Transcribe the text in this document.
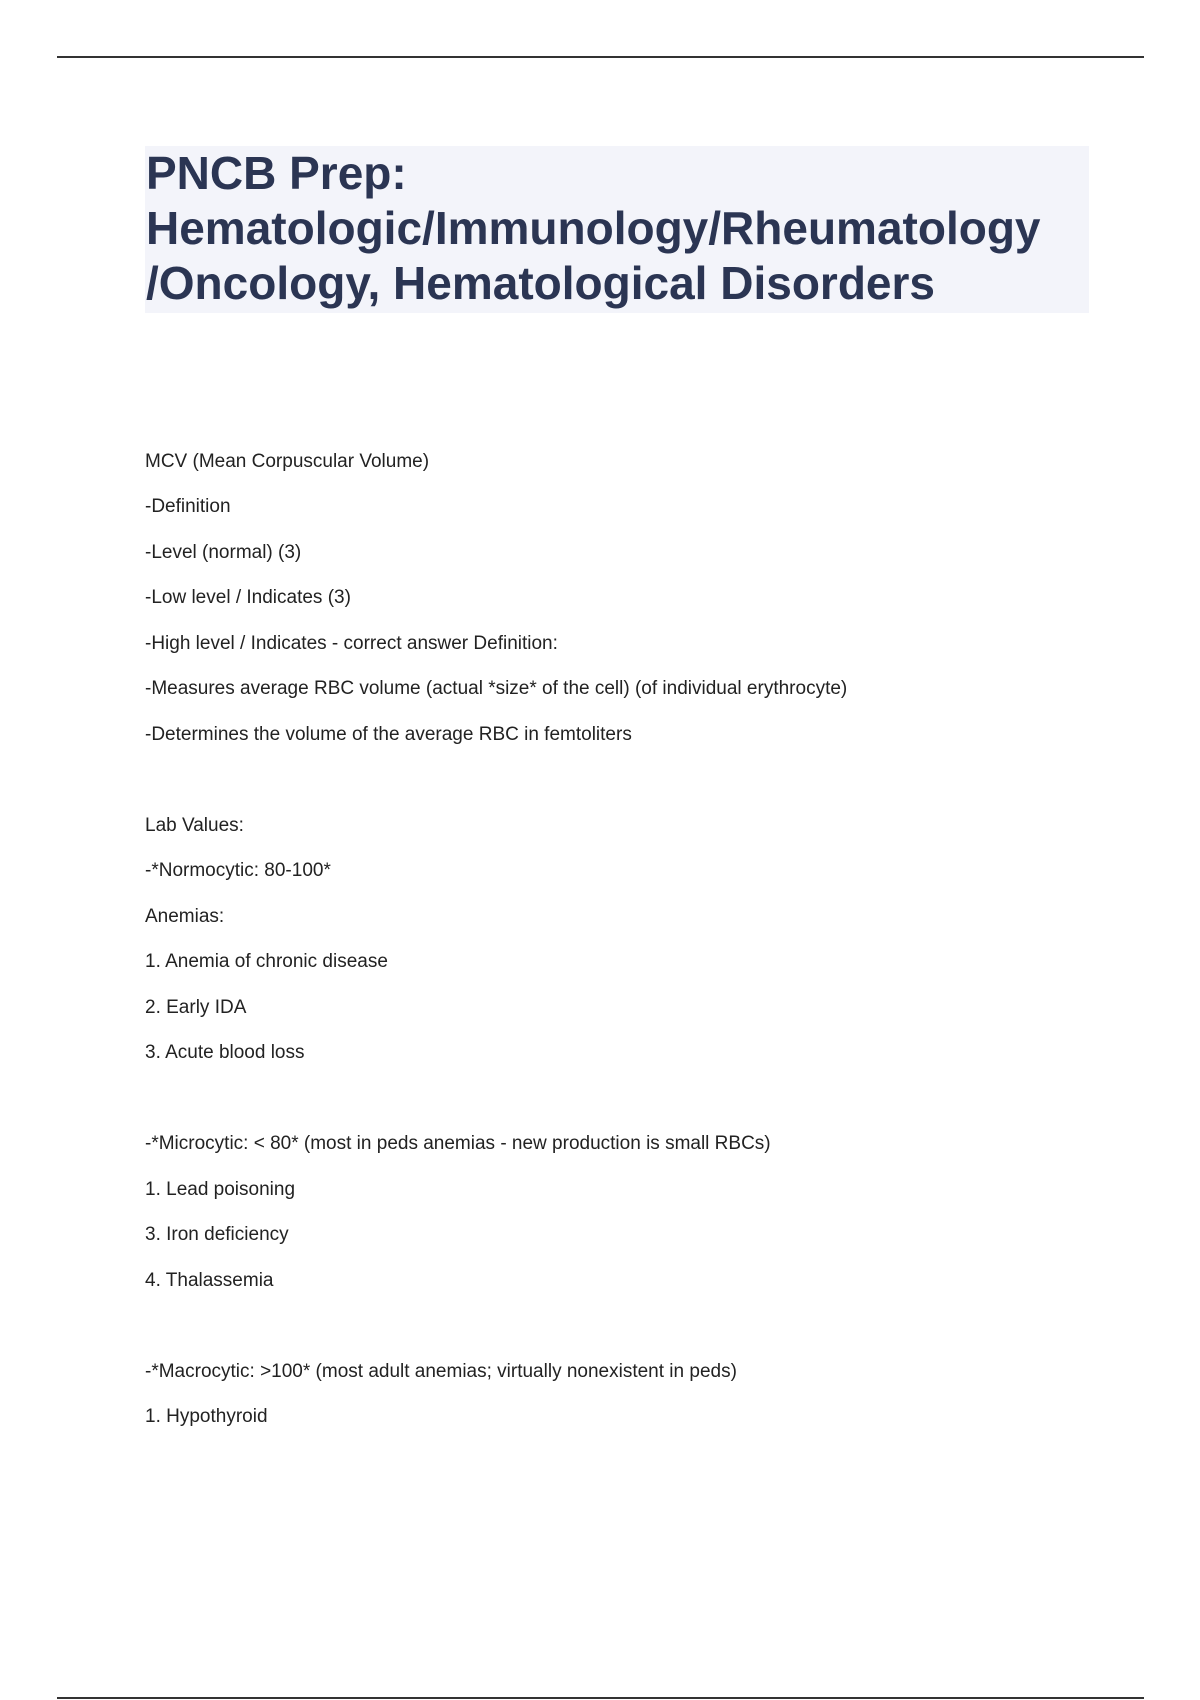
PNCB Prep:
Hematologic/Immunology/Rheumatology
/Oncology, Hematological Disorders
MCV (Mean Corpuscular Volume)
-Definition
-Level (normal) (3)
-Low level / Indicates (3)
-High level / Indicates - correct answer Definition:
-Measures average RBC volume (actual *size* of the cell) (of individual erythrocyte)
-Determines the volume of the average RBC in femtoliters
Lab Values:
-*Normocytic: 80-100*
Anemias:
1. Anemia of chronic disease
2. Early IDA
3. Acute blood loss
-*Microcytic: < 80* (most in peds anemias - new production is small RBCs)
1. Lead poisoning
3. Iron deficiency
4. Thalassemia
-*Macrocytic: >100* (most adult anemias; virtually nonexistent in peds)
1. Hypothyroid
